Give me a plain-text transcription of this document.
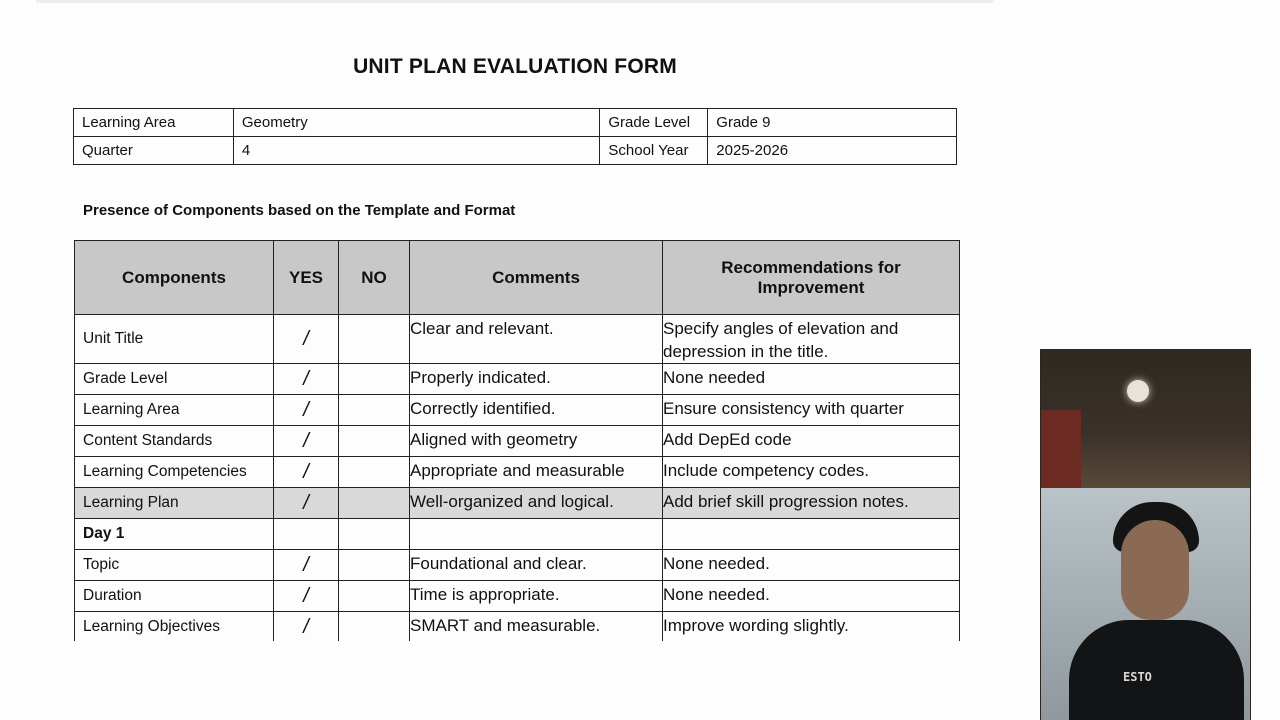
UNIT PLAN EVALUATION FORM
Learning Area	Geometry	Grade Level	Grade 9
Quarter	4	School Year	2025-2026
Presence of Components based on the Template and Format
Components	YES	NO	Comments	Recommendations for Improvement
Unit Title	/		Clear and relevant.	Specify angles of elevation and depression in the title.
Grade Level	/		Properly indicated.	None needed
Learning Area	/		Correctly identified.	Ensure consistency with quarter
Content Standards	/		Aligned with geometry	Add DepEd code
Learning Competencies	/		Appropriate and measurable	Include competency codes.
Learning Plan	/		Well-organized and logical.	Add brief skill progression notes.
Day 1				
Topic	/		Foundational and clear.	None needed.
Duration	/		Time is appropriate.	None needed.
Learning Objectives	/		SMART and measurable.	Improve wording slightly.
ESTO
